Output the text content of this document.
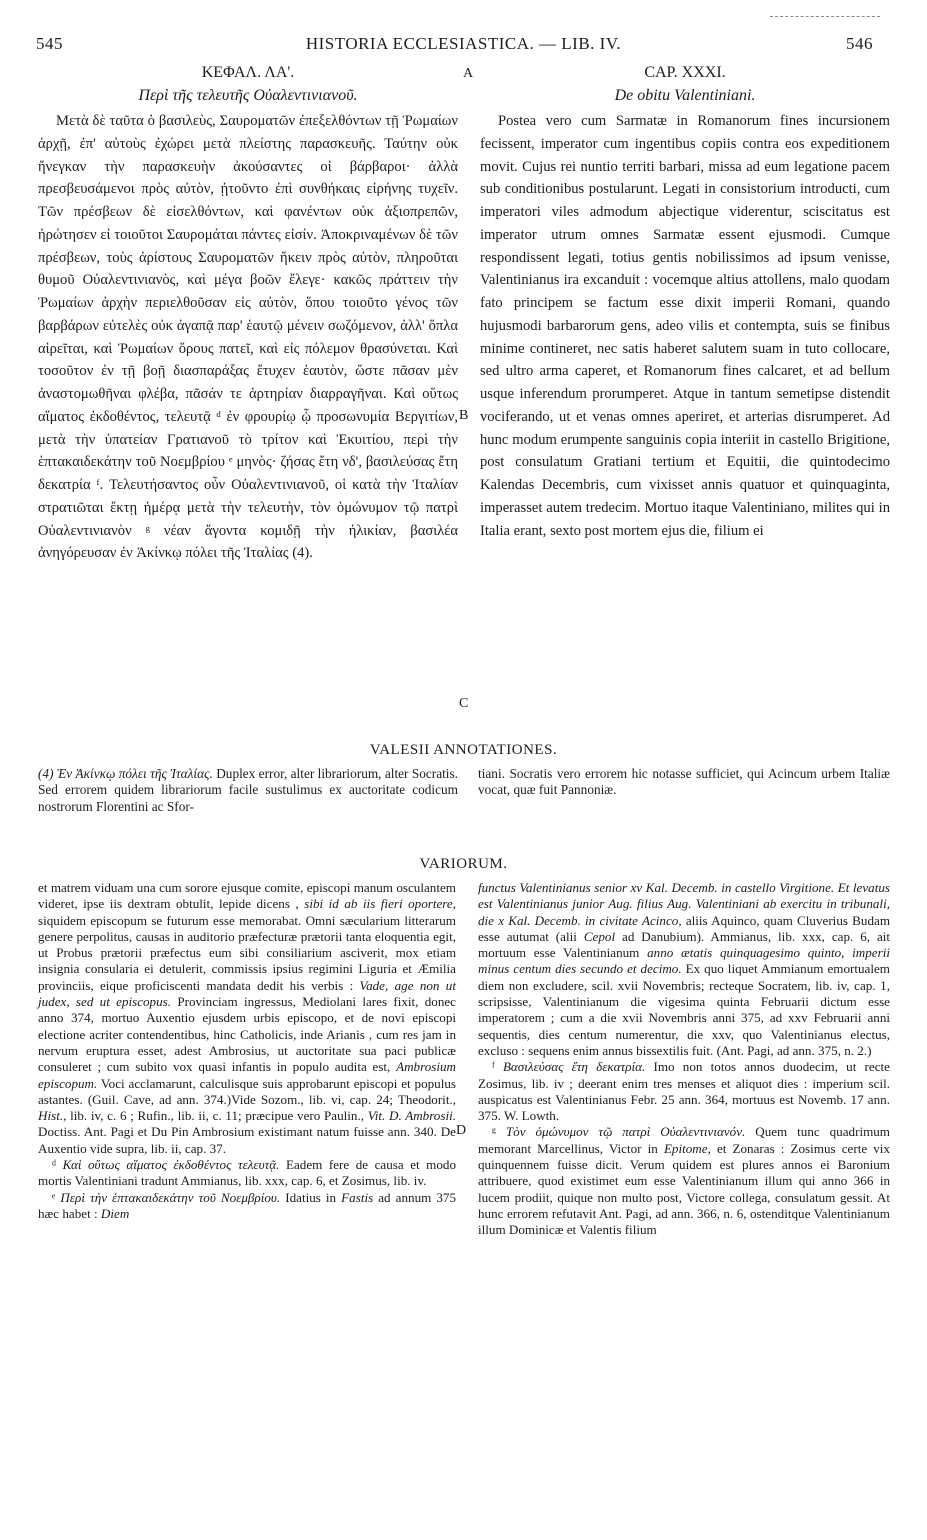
545	HISTORIA ECCLESIASTICA. — LIB. IV.	546
ΚΕΦΑΛ. ΛΑ'.	A	CAP. XXXI.
Περὶ τῆς τελευτῆς Οὐαλεντινιανοῦ.	De obitu Valentiniani.

Μετὰ δὲ ταῦτα ὁ βασιλεὺς, Σαυροματῶν ἐπεξελθόντων τῇ Ῥωμαίων ἀρχῇ, ἐπ' αὐτοὺς ἐχώρει μετὰ πλείστης παρασκευῆς. Ταύτην οὐκ ἤνεγκαν τὴν παρασκευὴν ἀκούσαντες οἱ βάρβαροι· ἀλλὰ πρεσβευσάμενοι πρὸς αὐτὸν, ᾐτοῦντο ἐπὶ συνθήκαις εἰρήνης τυχεῖν. Τῶν πρέσβεων δὲ εἰσελθόντων, καὶ φανέντων οὐκ ἀξιοπρεπῶν, ἠρώτησεν εἰ τοιοῦτοι Σαυρομάται πάντες εἰσίν. Ἀποκριναμένων δὲ τῶν πρέσβεων, τοὺς ἀρίστους Σαυροματῶν ἥκειν πρὸς αὐτὸν, πληροῦται θυμοῦ Οὐαλεντινιανὸς, καὶ μέγα βοῶν ἔλεγε· κακῶς πράττειν τὴν Ῥωμαίων ἀρχὴν περιελθοῦσαν εἰς αὐτὸν, ὅπου τοιοῦτο γένος τῶν βαρβάρων εὐτελὲς οὐκ ἀγαπᾷ παρ' ἑαυτῷ μένειν σωζόμενον, ἀλλ' ὅπλα αἱρεῖται, καὶ Ῥωμαίων ὅρους πατεῖ, καὶ εἰς πόλεμον θρασύνεται. Καὶ τοσοῦτον ἐν τῇ βοῇ διασπαράξας ἔτυχεν ἑαυτὸν, ὥστε πᾶσαν μὲν ἀναστομωθῆναι φλέβα, πᾶσάν τε ἀρτηρίαν διαρραγῆναι. Καὶ οὕτως αἵματος ἐκδοθέντος, τελευτᾷ ᵈ ἐν φρουρίῳ ᾧ προσωνυμία Βεργιτίων, μετὰ τὴν ὑπατείαν Γρατιανοῦ τὸ τρίτον καὶ Ἐκυιτίου, περὶ τὴν ἑπτακαιδεκάτην τοῦ Νοεμβρίου ᵉ μηνὸς· ζήσας ἔτη νδ', βασιλεύσας ἔτη δεκατρία ᶠ. Τελευτήσαντος οὖν Οὐαλεντινιανοῦ, οἱ κατὰ τὴν Ἰταλίαν στρατιῶται ἕκτῃ ἡμέρᾳ μετὰ τὴν τελευτὴν, τὸν ὁμώνυμον τῷ πατρὶ Οὐαλεντινιανὸν ᵍ νέαν ἄγοντα κομιδῇ τὴν ἡλικίαν, βασιλέα ἀνηγόρευσαν ἐν Ἀκίνκῳ πόλει τῆς Ἰταλίας (4).

B
C

Postea vero cum Sarmatæ in Romanorum fines incursionem fecissent, imperator cum ingentibus copiis contra eos expeditionem movit. Cujus rei nuntio territi barbari, missa ad eum legatione pacem sub conditionibus postularunt. Legati in consistorium introducti, cum imperatori viles admodum abjectique viderentur, sciscitatus est imperator utrum omnes Sarmatæ essent ejusmodi. Cumque respondissent legati, totius gentis nobilissimos ad ipsum venisse, Valentinianus ira excanduit : vocemque altius attollens, malo quodam fato principem se factum esse dixit imperii Romani, quando hujusmodi barbarorum gens, adeo vilis et contempta, suis se finibus minime contineret, nec satis haberet salutem suam in tuto collocare, sed ultro arma caperet, et Romanorum fines calcaret, et ad bellum usque inferendum prorumperet. Atque in tantum semetipse distendit vociferando, ut et venas omnes aperiret, et arterias disrumperet. Ad hunc modum erumpente sanguinis copia interiit in castello Brigitione, post consulatum Gratiani tertium et Equitii, die quintodecimo Kalendas Decembris, cum vixisset annis quatuor et quinquaginta, imperasset autem tredecim. Mortuo itaque Valentiniano, milites qui in Italia erant, sexto post mortem ejus die, filium ei

VALESII ANNOTATIONES.

(4) Ἐν Ἀκίνκῳ πόλει τῆς Ἰταλίας. Duplex error, alter librariorum, alter Socratis. Sed errorem quidem librariorum facile sustulimus ex auctoritate codicum nostrorum Florentini ac Sfor-

tiani. Socratis vero errorem hic notasse sufficiet, qui Acincum urbem Italiæ vocat, quæ fuit Pannoniæ.

VARIORUM.

et matrem viduam una cum sorore ejusque comite, episcopi manum osculantem videret, ipse iis dextram obtulit, lepide dicens , sibi id ab iis fieri oportere, siquidem episcopum se futurum esse memorabat. Omni sæcularium litterarum genere perpolitus, causas in auditorio præfecturæ prætorii tanta eloquentia egit, ut Probus prætorii præfectus eum sibi consiliarium asciverit, mox etiam insignia consularia ei detulerit, commissis ipsius regimini Liguria et Æmilia provinciis, eique proficiscenti mandata dedit his verbis : Vade, age non ut judex, sed ut episcopus. Provinciam ingressus, Mediolani lares fixit, donec anno 374, mortuo Auxentio ejusdem urbis episcopo, et de novi episcopi electione acriter contendentibus, hinc Catholicis, inde Arianis , cum res jam in nervum eruptura esset, adest Ambrosius, ut auctoritate sua paci publicæ consuleret ; cum subito vox quasi infantis in populo audita est, Ambrosium episcopum. Voci acclamarunt, calculisque suis approbarunt episcopi et populus astantes. (Guil. Cave, ad ann. 374.)Vide Sozom., lib. vi, cap. 24; Theodorit., Hist., lib. iv, c. 6 ; Rufin., lib. ii, c. 11; præcipue vero Paulin., Vit. D. Ambrosii. Doctiss. Ant. Pagi et Du Pin Ambrosium existimant natum fuisse ann. 340. De Auxentio vide supra, lib. ii, cap. 37.

ᵈ Καὶ οὕτως αἵματος ἐκδοθέντος τελευτᾷ. Eadem fere de causa et modo mortis Valentiniani tradunt Ammianus, lib. xxx, cap. 6, et Zosimus, lib. iv.

ᵉ Περὶ τὴν ἑπτακαιδεκάτην τοῦ Νοεμβρίου. Idatius in Fastis ad annum 375 hæc habet : Diem

D

functus Valentinianus senior xv Kal. Decemb. in castello Virgitione. Et levatus est Valentinianus junior Aug. filius Aug. Valentiniani ab exercitu in tribunali, die x Kal. Decemb. in civitate Acinco, aliis Aquinco, quam Cluverius Budam esse autumat (alii Cepol ad Danubium). Ammianus, lib. xxx, cap. 6, ait mortuum esse Valentinianum anno ætatis quinquagesimo quinto, imperii minus centum dies secundo et decimo. Ex quo liquet Ammianum emortualem diem non excludere, scil. xvii Novembris; recteque Socratem, lib. iv, cap. 1, scripsisse, Valentinianum die vigesima quinta Februarii dictum esse imperatorem ; cum a die xvii Novembris anni 375, ad xxv Februarii anni sequentis, dies centum numerentur, die xxv, quo Valentinianus electus, excluso : sequens enim annus bissextilis fuit. (Ant. Pagi, ad ann. 375, n. 2.)

ᶠ Βασιλεύσας ἔτη δεκατρία. Imo non totos annos duodecim, ut recte Zosimus, lib. iv ; deerant enim tres menses et aliquot dies : imperium scil. auspicatus est Valentinianus Febr. 25 ann. 364, mortuus est Novemb. 17 ann. 375. W. Lowth.

ᵍ Τὸν ὁμώνυμον τῷ πατρὶ Οὐαλεντινιανόν. Quem tunc quadrimum memorant Marcellinus, Victor in Epitome, et Zonaras : Zosimus certe vix quinquennem fuisse dicit. Verum quidem est plures annos ei Baronium attribuere, quod existimet eum esse Valentinianum illum qui anno 366 in lucem prodiit, quique non multo post, Victore collega, consulatum gessit. At hunc errorem refutavit Ant. Pagi, ad ann. 366, n. 6, ostenditque Valentinianum illum Dominicæ et Valentis filium
